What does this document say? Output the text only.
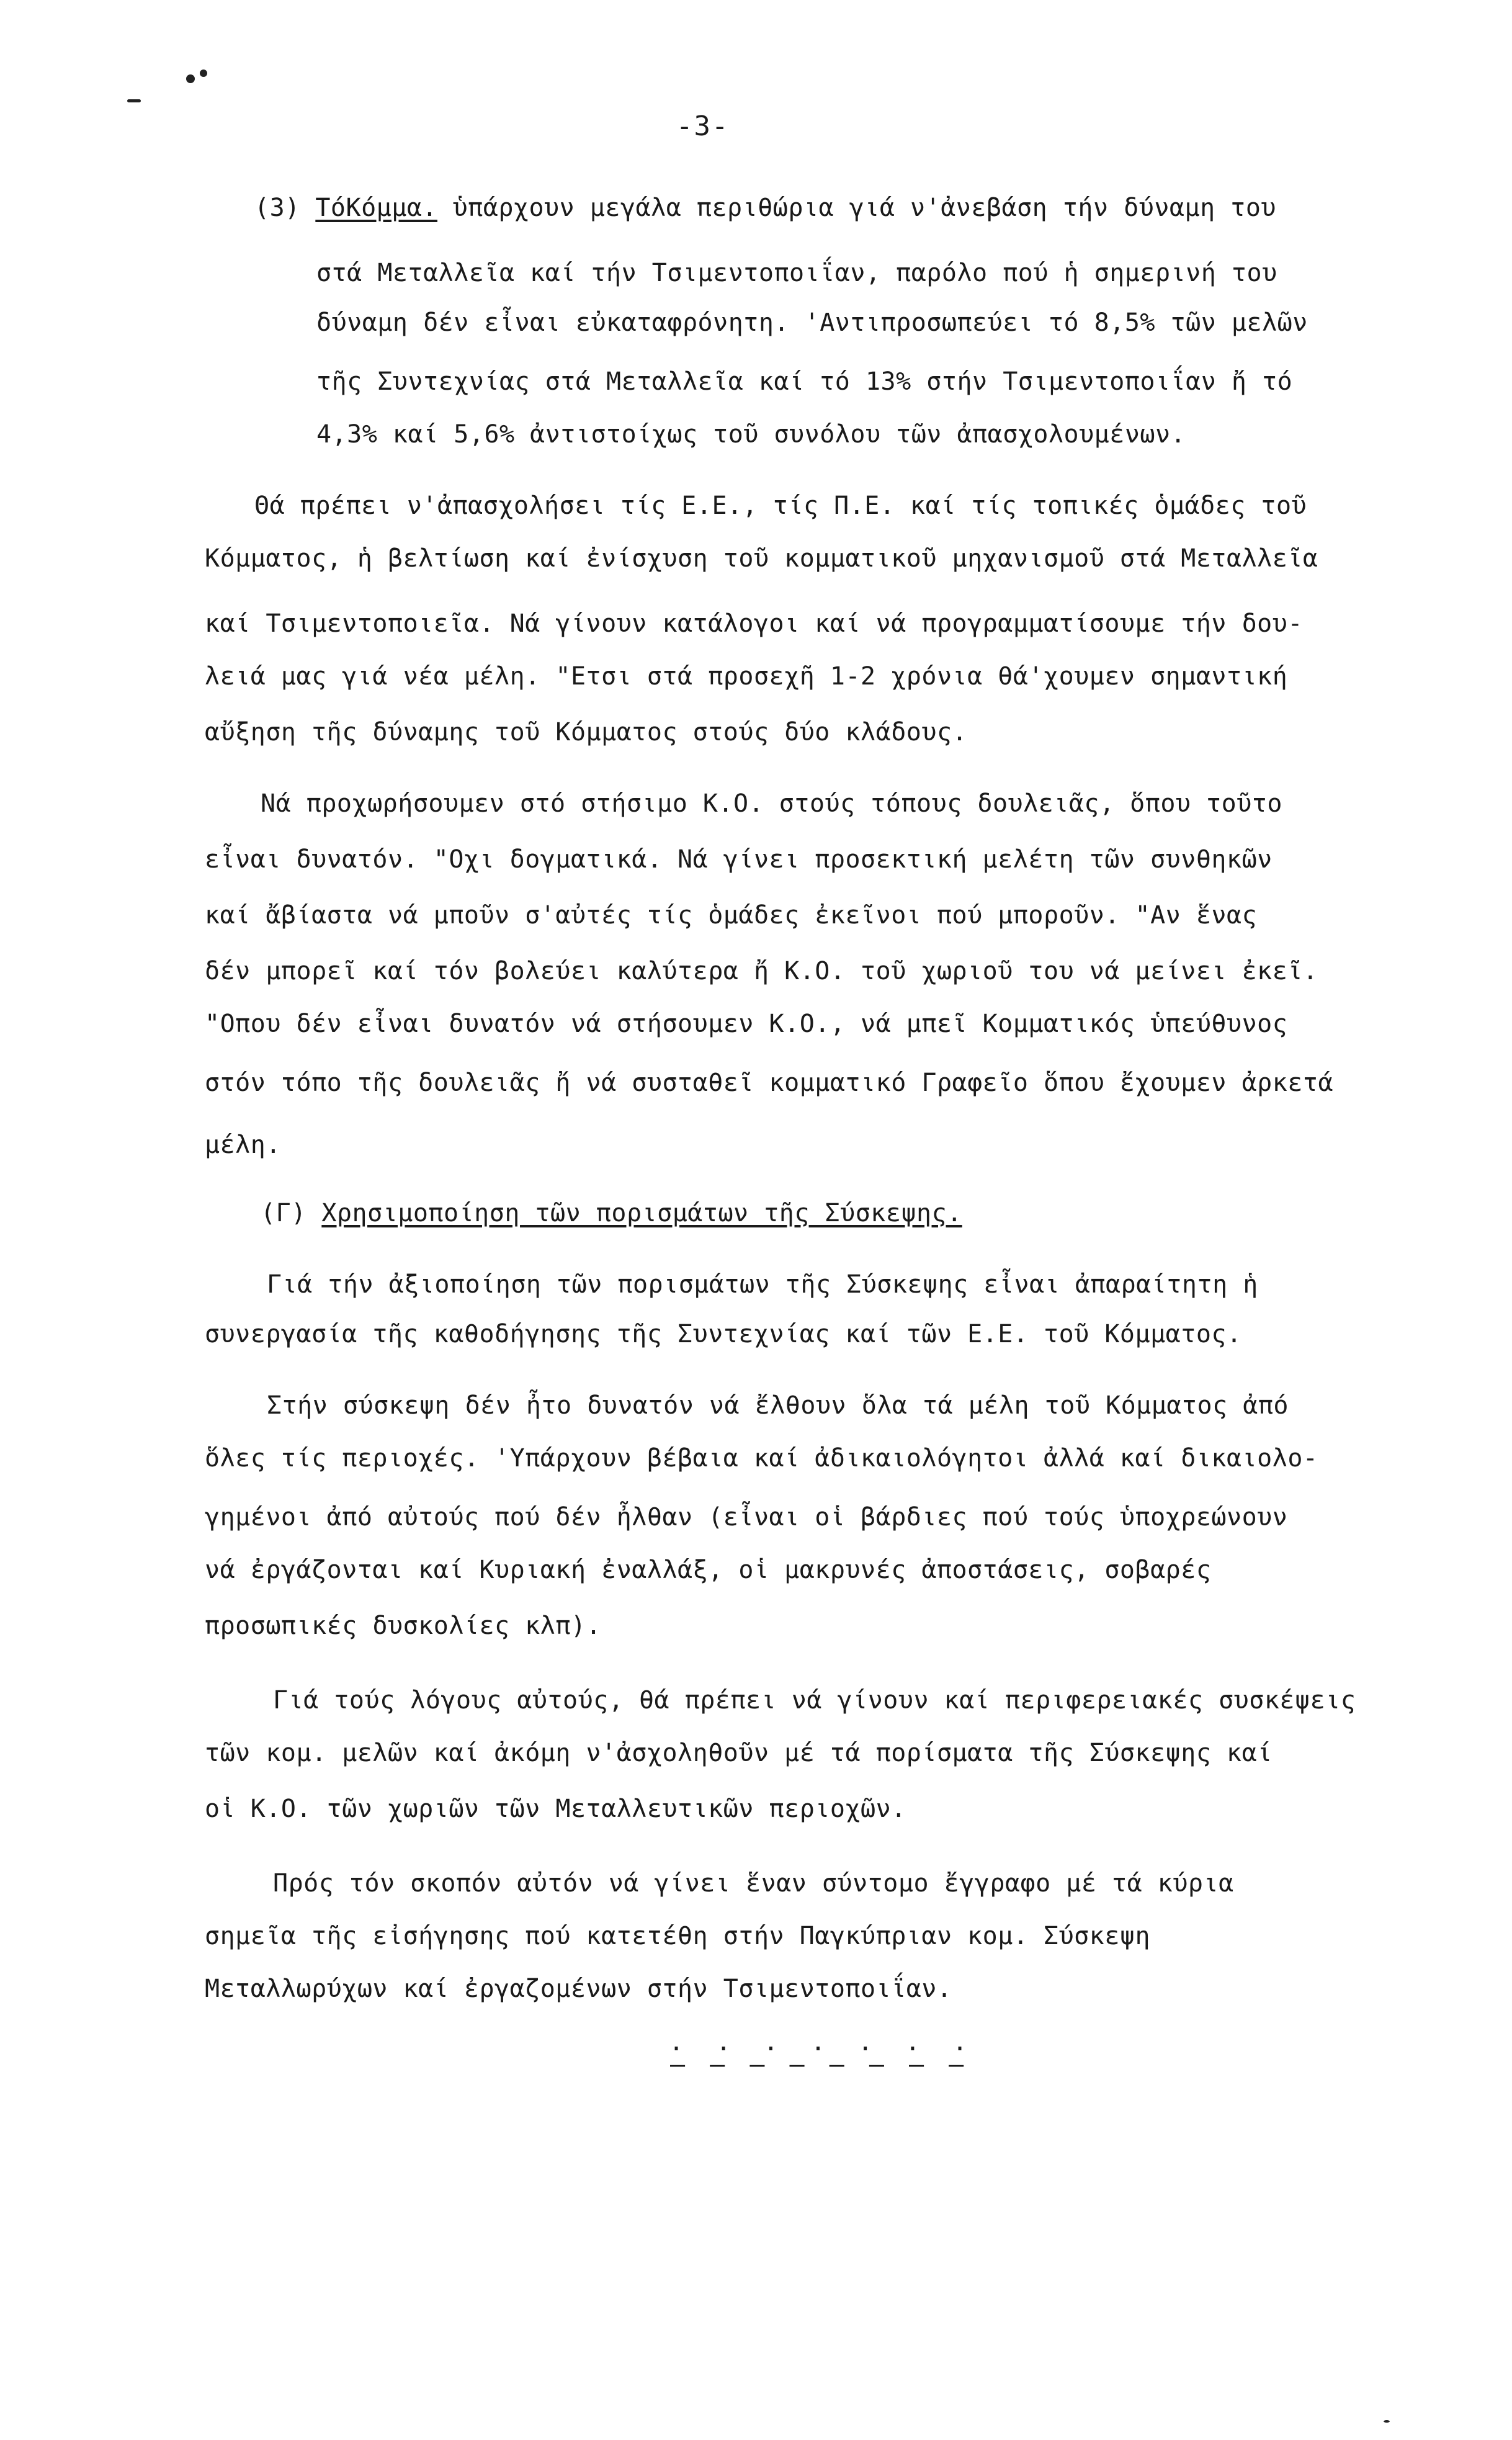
-3-
(3) ΤόΚόμμα. ὑπάρχουν μεγάλα περιθώρια γιά ν'ἀνεβάση τήν δύναμη του
στά Μεταλλεῖα καί τήν Τσιμεντοποιΐαν, παρόλο πού ἡ σημερινή του
δύναμη δέν εἶναι εὐκαταφρόνητη. 'Αντιπροσωπεύει τό 8,5% τῶν μελῶν
τῆς Συντεχνίας στά Μεταλλεῖα καί τό 13% στήν Τσιμεντοποιΐαν ἤ τό
4,3% καί 5,6% ἀντιστοίχως τοῦ συνόλου τῶν ἀπασχολουμένων.
Θά πρέπει ν'ἀπασχολήσει τίς Ε.Ε., τίς Π.Ε. καί τίς τοπικές ὁμάδες τοῦ
Κόμματος, ἡ βελτίωση καί ἐνίσχυση τοῦ κομματικοῦ μηχανισμοῦ στά Μεταλλεῖα
καί Τσιμεντοποιεῖα. Νά γίνουν κατάλογοι καί νά προγραμματίσουμε τήν δου-
λειά μας γιά νέα μέλη. "Ετσι στά προσεχῆ 1-2 χρόνια θά'χουμεν σημαντική
αὔξηση τῆς δύναμης τοῦ Κόμματος στούς δύο κλάδους.
Νά προχωρήσουμεν στό στήσιμο Κ.Ο. στούς τόπους δουλειᾶς, ὅπου τοῦτο
εἶναι δυνατόν. "Οχι δογματικά. Νά γίνει προσεκτική μελέτη τῶν συνθηκῶν
καί ἄβίαστα νά μποῦν σ'αὐτές τίς ὁμάδες ἐκεῖνοι πού μποροῦν. "Αν ἕνας
δέν μπορεῖ καί τόν βολεύει καλύτερα ἤ Κ.Ο. τοῦ χωριοῦ του νά μείνει ἐκεῖ.
"Οπου δέν εἶναι δυνατόν νά στήσουμεν Κ.Ο., νά μπεῖ Κομματικός ὑπεύθυνος
στόν τόπο τῆς δουλειᾶς ἤ νά συσταθεῖ κομματικό Γραφεῖο ὅπου ἔχουμεν ἀρκετά
μέλη.
(Γ) Χρησιμοποίηση τῶν πορισμάτων τῆς Σύσκεψης.
Γιά τήν ἀξιοποίηση τῶν πορισμάτων τῆς Σύσκεψης εἶναι ἀπαραίτητη ἡ
συνεργασία τῆς καθοδήγησης τῆς Συντεχνίας καί τῶν Ε.Ε. τοῦ Κόμματος.
Στήν σύσκεψη δέν ἦτο δυνατόν νά ἔλθουν ὅλα τά μέλη τοῦ Κόμματος ἀπό
ὅλες τίς περιοχές. 'Υπάρχουν βέβαια καί ἀδικαιολόγητοι ἀλλά καί δικαιολο-
γημένοι ἀπό αὐτούς πού δέν ἦλθαν (εἶναι οἱ βάρδιες πού τούς ὑποχρεώνουν
νά ἐργάζονται καί Κυριακή ἐναλλάξ, οἱ μακρυνές ἀποστάσεις, σοβαρές
προσωπικές δυσκολίες κλπ).
Γιά τούς λόγους αὐτούς, θά πρέπει νά γίνουν καί περιφερειακές συσκέψεις
τῶν κομ. μελῶν καί ἀκόμη ν'ἀσχοληθοῦν μέ τά πορίσματα τῆς Σύσκεψης καί
οἱ Κ.Ο. τῶν χωριῶν τῶν Μεταλλευτικῶν περιοχῶν.
Πρός τόν σκοπόν αὐτόν νά γίνει ἕναν σύντομο ἔγγραφο μέ τά κύρια
σημεῖα τῆς εἰσήγησης πού κατετέθη στήν Παγκύπριαν κομ. Σύσκεψη
Μεταλλωρύχων καί ἐργαζομένων στήν Τσιμεντοποιΐαν.
. . . . . . .
– – – – – – – –
